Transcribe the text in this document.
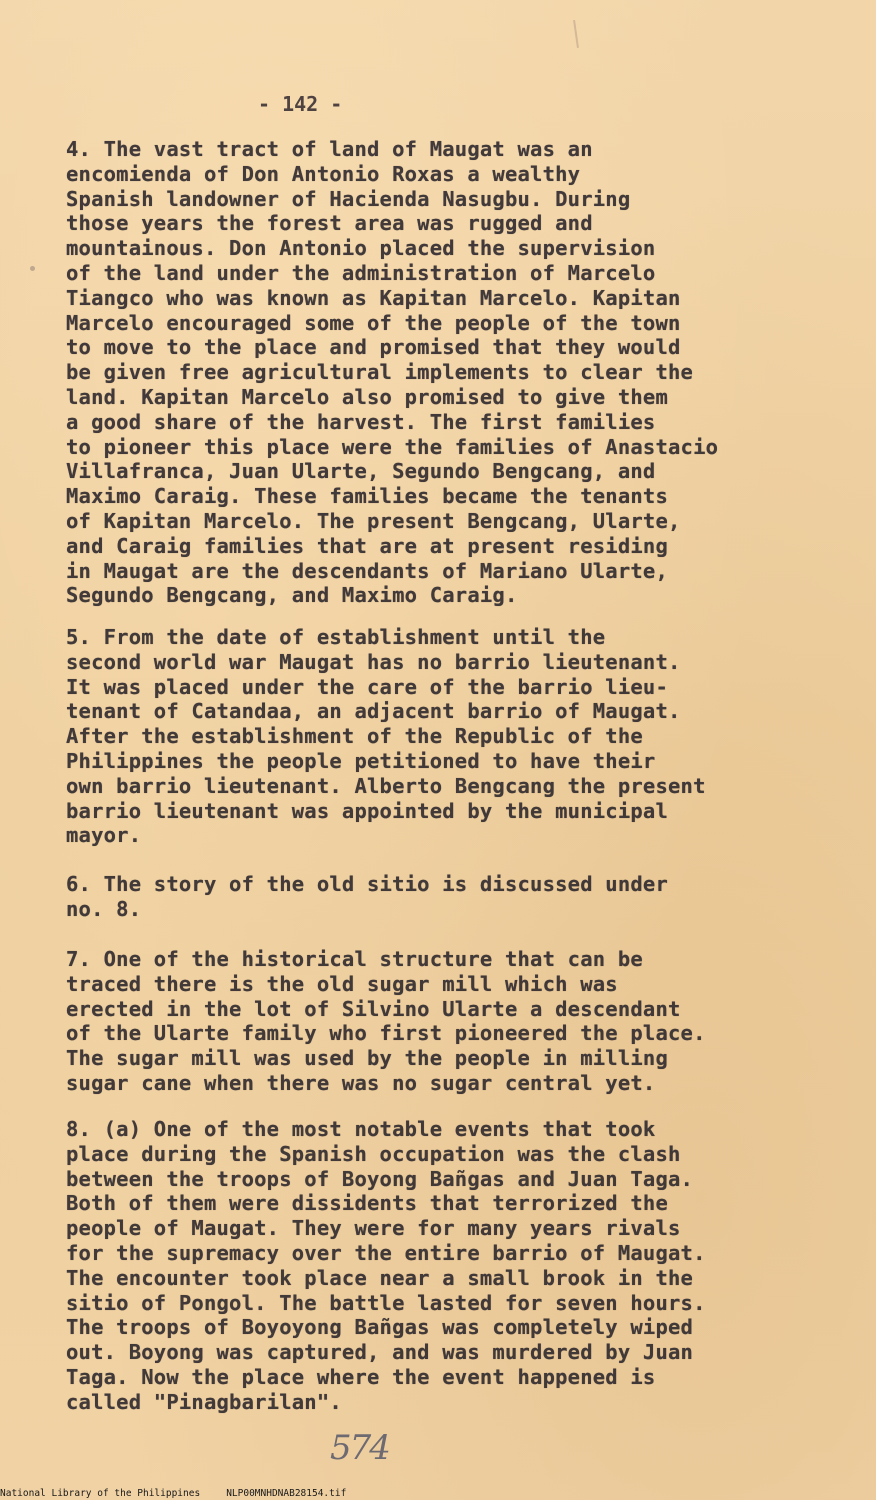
- 142 -
4. The vast tract of land of Maugat was an
encomienda of Don Antonio Roxas a wealthy
Spanish landowner of Hacienda Nasugbu. During
those years the forest area was rugged and
mountainous. Don Antonio placed the supervision
of the land under the administration of Marcelo
Tiangco who was known as Kapitan Marcelo. Kapitan
Marcelo encouraged some of the people of the town
to move to the place and promised that they would
be given free agricultural implements to clear the
land. Kapitan Marcelo also promised to give them
a good share of the harvest. The first families
to pioneer this place were the families of Anastacio
Villafranca, Juan Ularte, Segundo Bengcang, and
Maximo Caraig. These families became the tenants
of Kapitan Marcelo. The present Bengcang, Ularte,
and Caraig families that are at present residing
in Maugat are the descendants of Mariano Ularte,
Segundo Bengcang, and Maximo Caraig.
5. From the date of establishment until the
second world war Maugat has no barrio lieutenant.
It was placed under the care of the barrio lieu-
tenant of Catandaa, an adjacent barrio of Maugat.
After the establishment of the Republic of the
Philippines the people petitioned to have their
own barrio lieutenant. Alberto Bengcang the present
barrio lieutenant was appointed by the municipal
mayor.
6. The story of the old sitio is discussed under
no. 8.
7. One of the historical structure that can be
traced there is the old sugar mill which was
erected in the lot of Silvino Ularte a descendant
of the Ularte family who first pioneered the place.
The sugar mill was used by the people in milling
sugar cane when there was no sugar central yet.
8. (a) One of the most notable events that took
place during the Spanish occupation was the clash
between the troops of Boyong Bañgas and Juan Taga.
Both of them were dissidents that terrorized the
people of Maugat. They were for many years rivals
for the supremacy over the entire barrio of Maugat.
The encounter took place near a small brook in the
sitio of Pongol. The battle lasted for seven hours.
The troops of Boyoyong Bañgas was completely wiped
out. Boyong was captured, and was murdered by Juan
Taga. Now the place where the event happened is
called "Pinagbarilan".
574
National Library of the Philippines	NLP00MNHDNAB28154.tif
